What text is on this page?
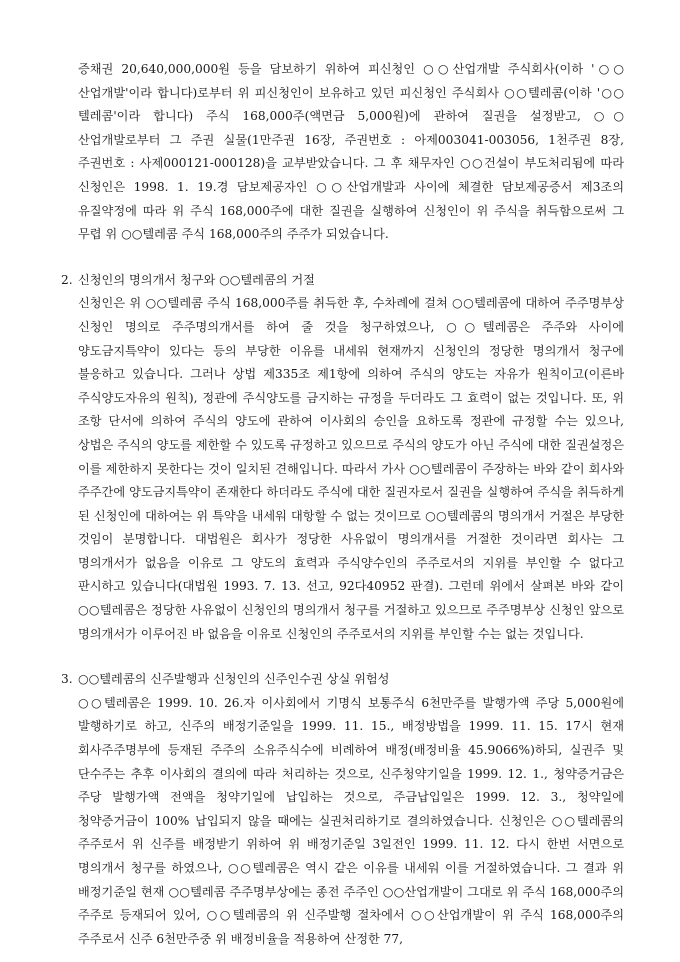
증채권 20,640,000,000원 등을 담보하기 위하여 피신청인 ○○산업개발 주식회사(이하 '○○산업개발'이라 합니다)로부터 위 피신청인이 보유하고 있던 피신청인 주식회사 ○○텔레콤(이하 '○○텔레콤'이라 합니다) 주식 168,000주(액면금 5,000원)에 관하여 질권을 설정받고, ○○산업개발로부터 그 주권 실물(1만주권 16장, 주권번호 : 아제003041-003056, 1천주권 8장, 주권번호 : 사제000121-000128)을 교부받았습니다. 그 후 채무자인 ○○건설이 부도처리됨에 따라 신청인은 1998. 1. 19.경 담보제공자인 ○○산업개발과 사이에 체결한 담보제공증서 제3조의 유질약정에 따라 위 주식 168,000주에 대한 질권을 실행하여 신청인이 위 주식을 취득함으로써 그 무렵 위 ○○텔레콤 주식 168,000주의 주주가 되었습니다.

2. 신청인의 명의개서 청구와 ○○텔레콤의 거절

신청인은 위 ○○텔레콤 주식 168,000주를 취득한 후, 수차례에 걸쳐 ○○텔레콤에 대하여 주주명부상 신청인 명의로 주주명의개서를 하여 줄 것을 청구하였으나, ○○텔레콤은 주주와 사이에 양도금지특약이 있다는 등의 부당한 이유를 내세워 현재까지 신청인의 정당한 명의개서 청구에 불응하고 있습니다. 그러나 상법 제335조 제1항에 의하여 주식의 양도는 자유가 원칙이고(이른바 주식양도자유의 원칙), 정관에 주식양도를 금지하는 규정을 두더라도 그 효력이 없는 것입니다. 또, 위 조항 단서에 의하여 주식의 양도에 관하여 이사회의 승인을 요하도록 정관에 규정할 수는 있으나, 상법은 주식의 양도를 제한할 수 있도록 규정하고 있으므로 주식의 양도가 아닌 주식에 대한 질권설정은 이를 제한하지 못한다는 것이 일치된 견해입니다. 따라서 가사 ○○텔레콤이 주장하는 바와 같이 회사와 주주간에 양도금지특약이 존재한다 하더라도 주식에 대한 질권자로서 질권을 실행하여 주식을 취득하게 된 신청인에 대하여는 위 특약을 내세워 대항할 수 없는 것이므로 ○○텔레콤의 명의개서 거절은 부당한 것임이 분명합니다. 대법원은 회사가 정당한 사유없이 명의개서를 거절한 것이라면 회사는 그 명의개서가 없음을 이유로 그 양도의 효력과 주식양수인의 주주로서의 지위를 부인할 수 없다고 판시하고 있습니다(대법원 1993. 7. 13. 선고, 92다40952 판결). 그런데 위에서 살펴본 바와 같이 ○○텔레콤은 정당한 사유없이 신청인의 명의개서 청구를 거절하고 있으므로 주주명부상 신청인 앞으로 명의개서가 이루어진 바 없음을 이유로 신청인의 주주로서의 지위를 부인할 수는 없는 것입니다.

3. ○○텔레콤의 신주발행과 신청인의 신주인수권 상실 위험성

○○텔레콤은 1999. 10. 26.자 이사회에서 기명식 보통주식 6천만주를 발행가액 주당 5,000원에 발행하기로 하고, 신주의 배정기준일을 1999. 11. 15., 배정방법을 1999. 11. 15. 17시 현재 회사주주명부에 등재된 주주의 소유주식수에 비례하여 배정(배정비율 45.9066%)하되, 실권주 및 단수주는 추후 이사회의 결의에 따라 처리하는 것으로, 신주청약기일을 1999. 12. 1., 청약증거금은 주당 발행가액 전액을 청약기일에 납입하는 것으로, 주금납입일은 1999. 12. 3., 청약일에 청약증거금이 100% 납입되지 않을 때에는 실권처리하기로 결의하였습니다. 신청인은 ○○텔레콤의 주주로서 위 신주를 배정받기 위하여 위 배정기준일 3일전인 1999. 11. 12. 다시 한번 서면으로 명의개서 청구를 하였으나, ○○텔레콤은 역시 같은 이유를 내세워 이를 거절하였습니다. 그 결과 위 배정기준일 현재 ○○텔레콤 주주명부상에는 종전 주주인 ○○산업개발이 그대로 위 주식 168,000주의 주주로 등재되어 있어, ○○텔레콤의 위 신주발행 절차에서 ○○산업개발이 위 주식 168,000주의 주주로서 신주 6천만주중 위 배정비율을 적용하여 산정한 77,
